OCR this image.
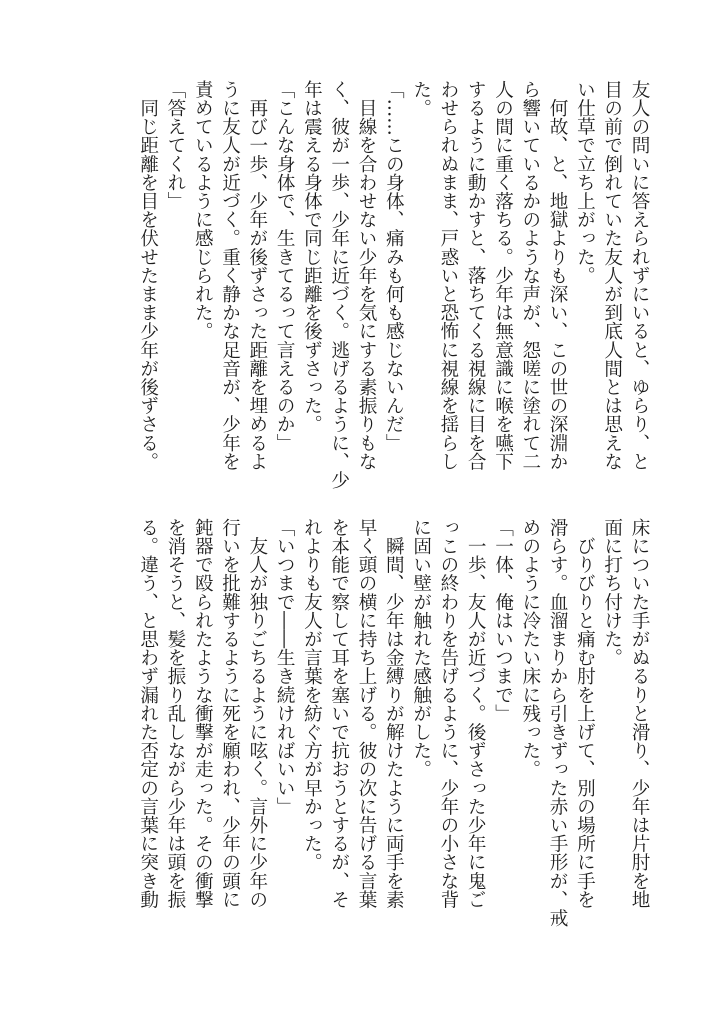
友人の問いに答えられずにいると、ゆらり、と
目の前で倒れていた友人が到底人間とは思えな
い仕草で立ち上がった。
　何故、と、地獄よりも深い、この世の深淵か
ら響いているかのような声が、怨嗟に塗れて二
人の間に重く落ちる。少年は無意識に喉を嚥下
するように動かすと、落ちてくる視線に目を合
わせられぬまま、戸惑いと恐怖に視線を揺らし
た。
「……この身体、痛みも何も感じないんだ」
　目線を合わせない少年を気にする素振りもな
く、彼が一歩、少年に近づく。逃げるように、少
年は震える身体で同じ距離を後ずさった。
「こんな身体で、生きてるって言えるのか」
　再び一歩、少年が後ずさった距離を埋めるよ
うに友人が近づく。重く静かな足音が、少年を
責めているように感じられた。
「答えてくれ」
　同じ距離を目を伏せたまま少年が後ずさる。
床についた手がぬるりと滑り、少年は片肘を地
面に打ち付けた。
　びりびりと痛む肘を上げて、別の場所に手を
滑らす。血溜まりから引きずった赤い手形が、戒
めのように冷たい床に残った。
「一体、俺はいつまで」
　一歩、友人が近づく。後ずさった少年に鬼ご
っこの終わりを告げるように、少年の小さな背
に固い壁が触れた感触がした。
　瞬間、少年は金縛りが解けたように両手を素
早く頭の横に持ち上げる。彼の次に告げる言葉
を本能で察して耳を塞いで抗おうとするが、そ
れよりも友人が言葉を紡ぐ方が早かった。
「いつまで――生き続ければいい」
　友人が独りごちるように呟く。言外に少年の
行いを批難するように死を願われ、少年の頭に
鈍器で殴られたような衝撃が走った。その衝撃
を消そうと、髪を振り乱しながら少年は頭を振
る。違う、と思わず漏れた否定の言葉に突き動
